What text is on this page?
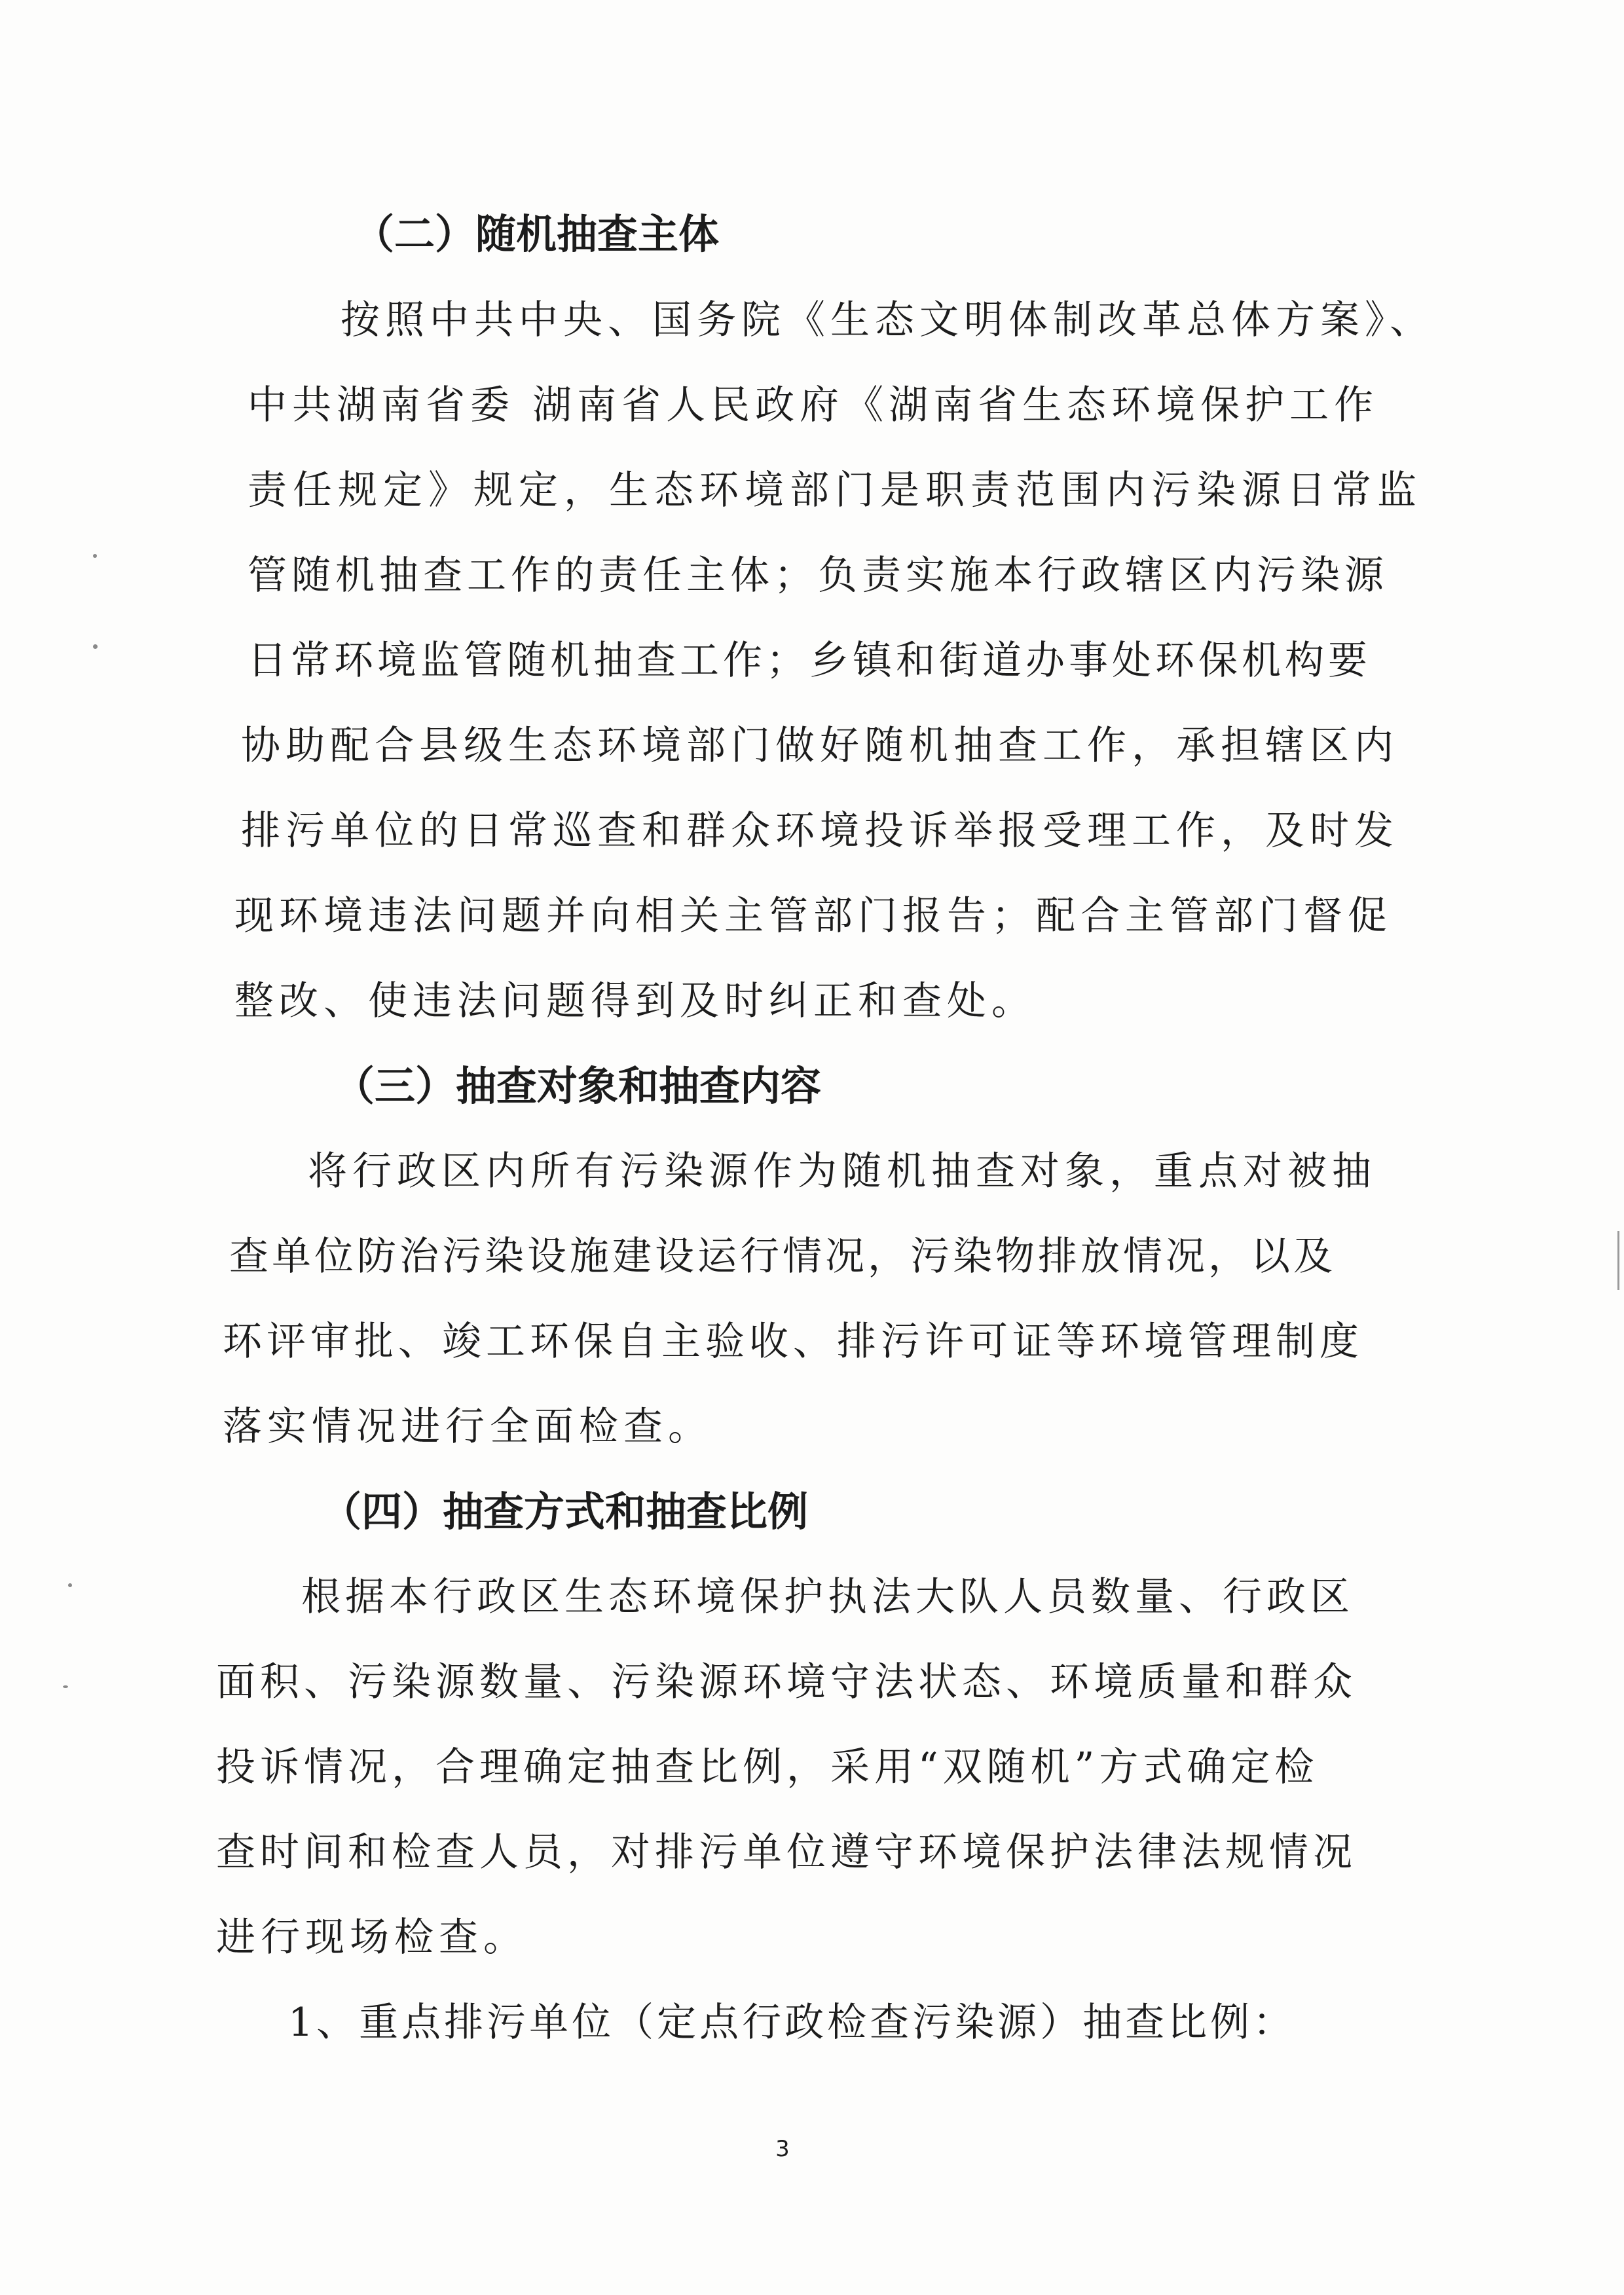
（二）随机抽查主体
按照中共中央、国务院《生态文明体制改革总体方案》、
中共湖南省委 湖南省人民政府《湖南省生态环境保护工作
责任规定》规定，生态环境部门是职责范围内污染源日常监
管随机抽查工作的责任主体；负责实施本行政辖区内污染源
日常环境监管随机抽查工作；乡镇和街道办事处环保机构要
协助配合县级生态环境部门做好随机抽查工作，承担辖区内
排污单位的日常巡查和群众环境投诉举报受理工作，及时发
现环境违法问题并向相关主管部门报告；配合主管部门督促
整改、使违法问题得到及时纠正和查处。
（三）抽查对象和抽查内容
将行政区内所有污染源作为随机抽查对象，重点对被抽
查单位防治污染设施建设运行情况，污染物排放情况，以及
环评审批、竣工环保自主验收、排污许可证等环境管理制度
落实情况进行全面检查。
（四）抽查方式和抽查比例
根据本行政区生态环境保护执法大队人员数量、行政区
面积、污染源数量、污染源环境守法状态、环境质量和群众
投诉情况，合理确定抽查比例，采用“双随机”方式确定检
查时间和检查人员，对排污单位遵守环境保护法律法规情况
进行现场检查。
1、重点排污单位（定点行政检查污染源）抽查比例：
3
